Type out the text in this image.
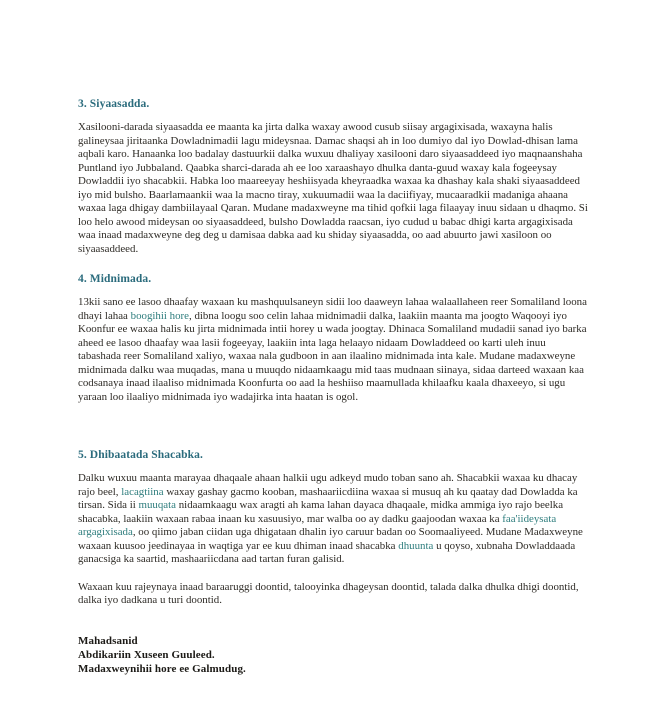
3. Siyaasadda.

Xasilooni-darada siyaasadda ee maanta ka jirta dalka waxay awood cusub siisay argagixisada, waxayna halis galineysaa jiritaanka Dowladnimadii lagu mideysnaa. Damac shaqsi ah in loo dumiyo dal iyo Dowlad-dhisan lama aqbali karo. Hanaanka loo badalay dastuurkii dalka wuxuu dhaliyay xasilooni daro siyaasaddeed iyo maqnaanshaha Puntland iyo Jubbaland. Qaabka sharci-darada ah ee loo xaraashayo dhulka danta-guud waxay kala fogeeysay Dowladdii iyo shacabkii. Habka loo maareeyay heshiisyada kheyraadka waxaa ka dhashay kala shaki siyaasaddeed iyo mid bulsho. Baarlamaankii waa la macno tiray, xukuumadii waa la daciifiyay, mucaaradkii madaniga ahaana waxaa laga dhigay dambiilayaal Qaran. Mudane madaxweyne ma tihid qofkii laga filaayay inuu sidaan u dhaqmo. Si loo helo awood mideysan oo siyaasaddeed, bulsho Dowladda raacsan, iyo cudud u babac dhigi karta argagixisada waa inaad madaxweyne deg deg u damisaa dabka aad ku shiday siyaasadda, oo aad abuurto jawi xasiloon oo siyaasaddeed.

4. Midnimada.

13kii sano ee lasoo dhaafay waxaan ku mashquulsaneyn sidii loo daaweyn lahaa walaallaheen reer Somaliland loona dhayi lahaa boogihii hore, dibna loogu soo celin lahaa midnimadii dalka, laakiin maanta ma joogto Waqooyi iyo Koonfur ee waxaa halis ku jirta midnimada intii horey u wada joogtay. Dhinaca Somaliland mudadii sanad iyo barka aheed ee lasoo dhaafay waa lasii fogeeyay, laakiin inta laga helaayo nidaam Dowladdeed oo karti uleh inuu tabashada reer Somaliland xaliyo, waxaa nala gudboon in aan ilaalino midnimada inta kale. Mudane madaxweyne midnimada dalku waa muqadas, mana u muuqdo nidaamkaagu mid taas mudnaan siinaya, sidaa darteed waxaan kaa codsanaya inaad ilaaliso midnimada Koonfurta oo aad la heshiiso maamullada khilaafku kaala dhaxeeyo, si ugu yaraan loo ilaaliyo midnimada iyo wadajirka inta haatan is ogol.

5. Dhibaatada Shacabka.

Dalku wuxuu maanta marayaa dhaqaale ahaan halkii ugu adkeyd mudo toban sano ah. Shacabkii waxaa ku dhacay rajo beel, lacagtiina waxay gashay gacmo kooban, mashaariicdiina waxaa si musuq ah ku qaatay dad Dowladda ka tirsan. Sida ii muuqata nidaamkaagu wax aragti ah kama lahan dayaca dhaqaale, midka ammiga iyo rajo beelka shacabka, laakiin waxaan rabaa inaan ku xasuusiyo, mar walba oo ay dadku gaajoodan waxaa ka faa'iideysata argagixisada, oo qiimo jaban ciidan uga dhigataan dhalin iyo caruur badan oo Soomaaliyeed. Mudane Madaxweyne waxaan kuusoo jeedinayaa in waqtiga yar ee kuu dhiman inaad shacabka dhuunta u qoyso, xubnaha Dowladdaada ganacsiga ka saartid, mashaariicdana aad tartan furan galisid.

Waxaan kuu rajeynaya inaad baraaruggi doontid, talooyinka dhageysan doontid, talada dalka dhulka dhigi doontid, dalka iyo dadkana u turi doontid.

Mahadsanid
Abdikariin Xuseen Guuleed.
Madaxweynihii hore ee Galmudug.
